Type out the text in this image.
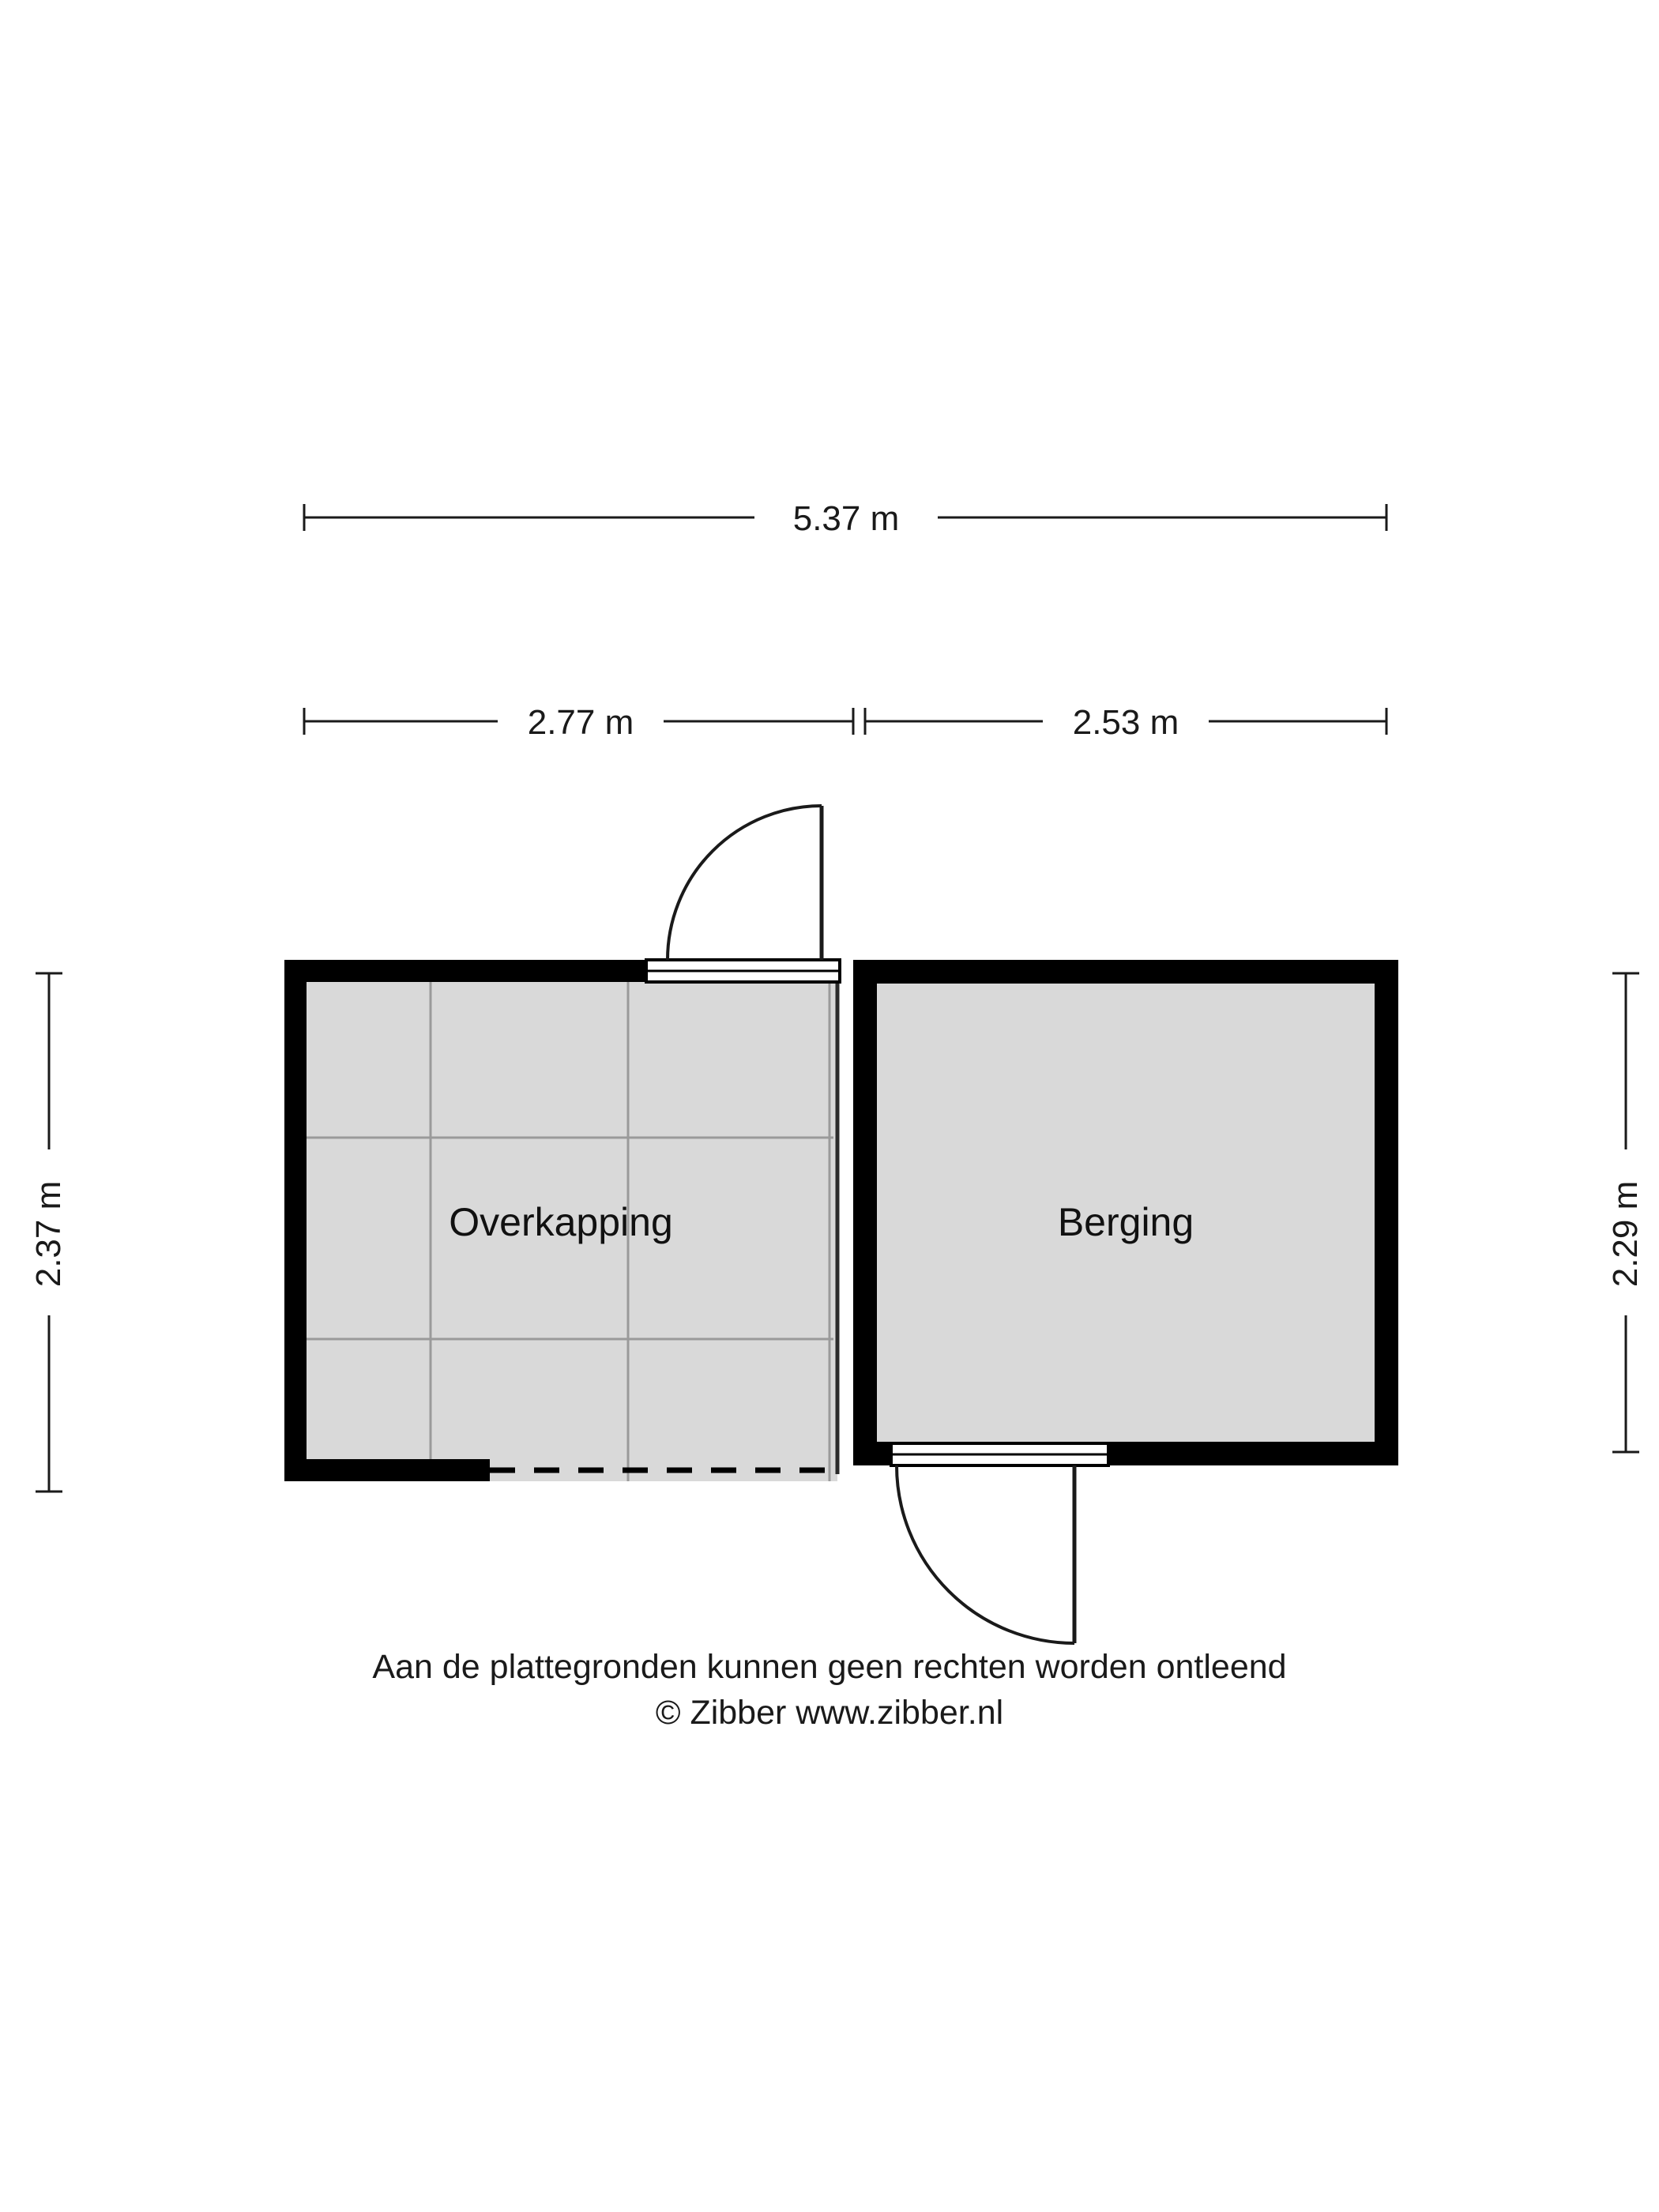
5.37 m
2.77 m	2.53 m
2.37 m	2.29 m
Overkapping	Berging
Aan de plattegronden kunnen geen rechten worden ontleend
© Zibber www.zibber.nl
